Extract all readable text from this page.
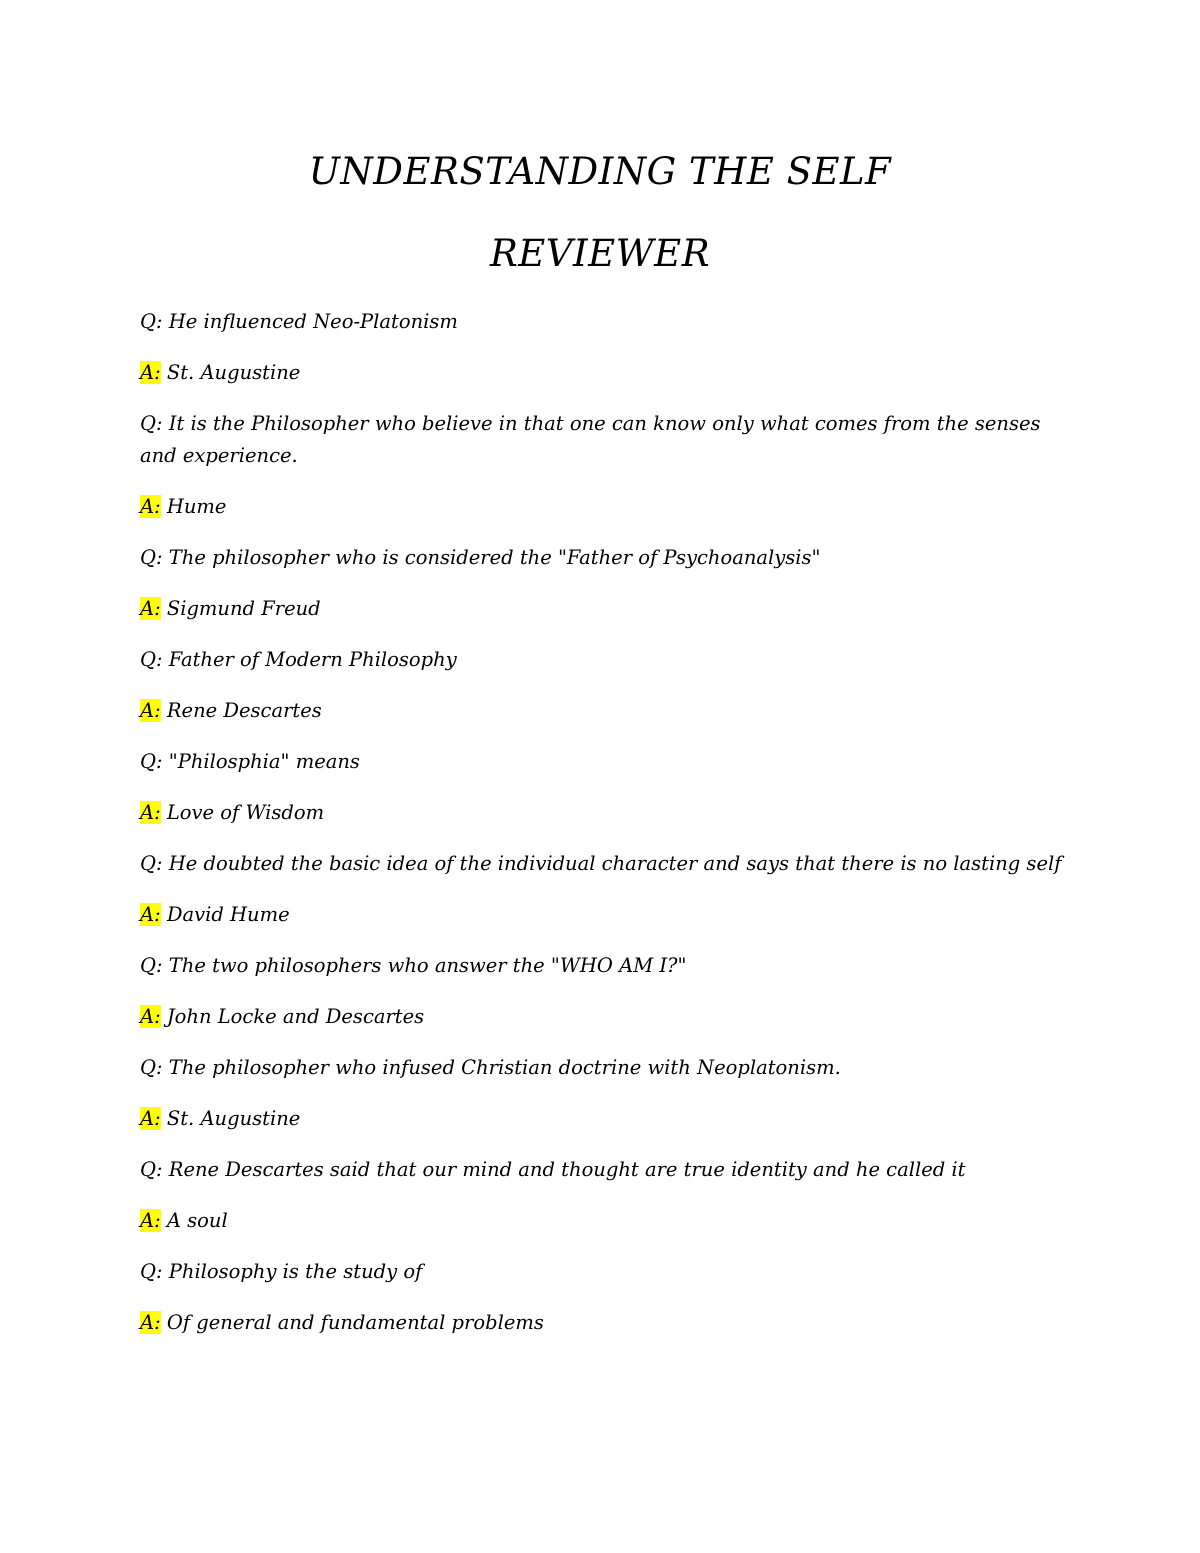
UNDERSTANDING THE SELF
REVIEWER

Q: He influenced Neo-Platonism

A: St. Augustine

Q: It is the Philosopher who believe in that one can know only what comes from the senses and experience.

A: Hume

Q: The philosopher who is considered the "Father of Psychoanalysis"

A: Sigmund Freud

Q: Father of Modern Philosophy

A: Rene Descartes

Q: "Philosphia" means

A: Love of Wisdom

Q: He doubted the basic idea of the individual character and says that there is no lasting self

A: David Hume

Q: The two philosophers who answer the "WHO AM I?"

A: John Locke and Descartes

Q: The philosopher who infused Christian doctrine with Neoplatonism.

A: St. Augustine

Q: Rene Descartes said that our mind and thought are true identity and he called it

A: A soul

Q: Philosophy is the study of

A: Of general and fundamental problems
